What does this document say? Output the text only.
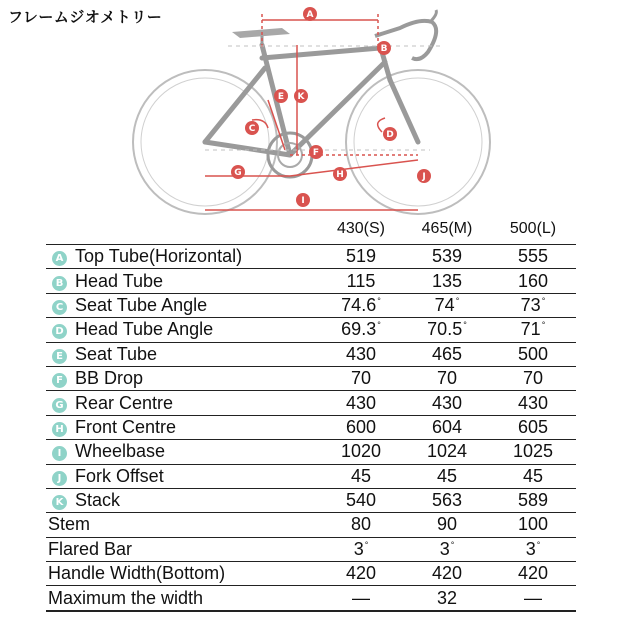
フレームジオメトリー	A
B
C
D
E
F
G	H
I
J
K
430(S)	465(M)	500(L)
A Top Tube(Horizontal)	519	539	555
B Head Tube	115	135	160
C Seat Tube Angle	74.6°	74°	73°
D Head Tube Angle	69.3°	70.5°	71°
E Seat Tube	430	465	500
F BB Drop	70	70	70
G Rear Centre	430	430	430
H Front Centre	600	604	605
I Wheelbase	1020	1024	1025
J Fork Offset	45	45	45
K Stack	540	563	589
Stem	80	90	100
Flared Bar	3°	3°	3°
Handle Width(Bottom)	420	420	420
Maximum the width	—	32	—
